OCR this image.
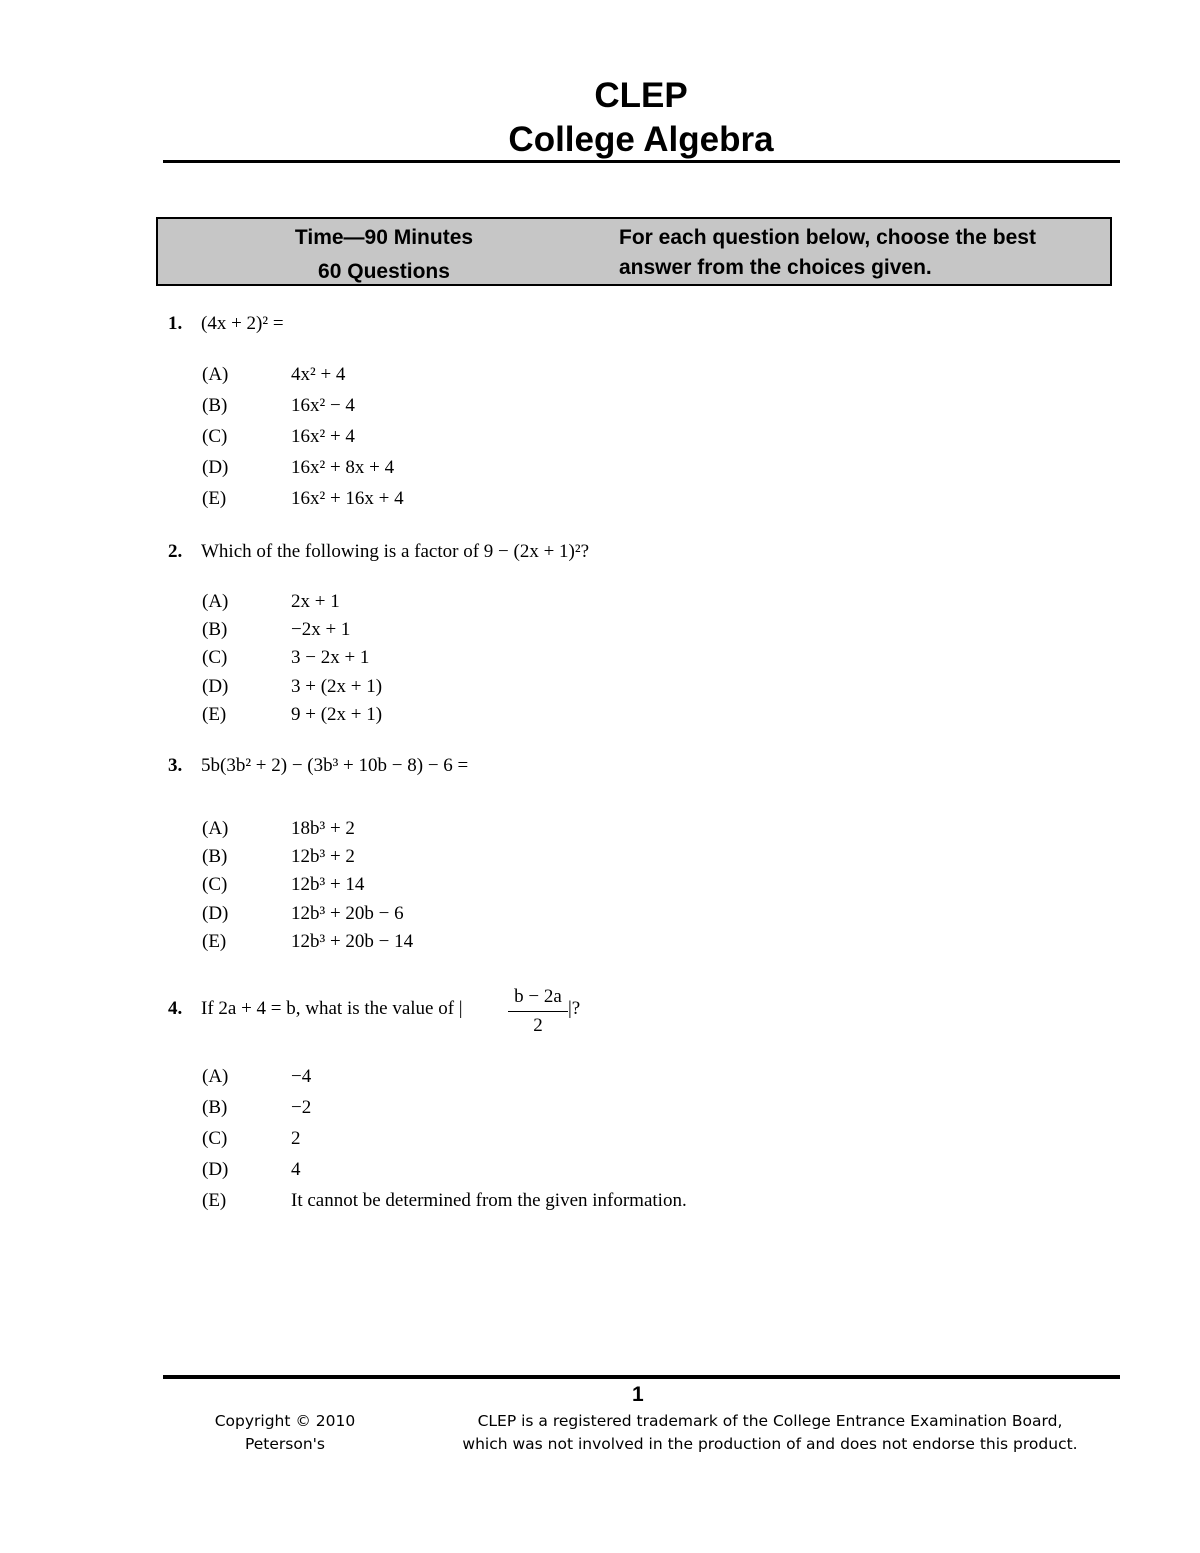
CLEP
College Algebra
Time—90 Minutes
60 Questions
For each question below, choose the best
answer from the choices given.
1. (4x + 2)² =
(A)	4x² + 4
(B)	16x² − 4
(C)	16x² + 4
(D)	16x² + 8x + 4
(E)	16x² + 16x + 4
2. Which of the following is a factor of 9 − (2x + 1)²?
(A)	2x + 1
(B)	−2x + 1
(C)	3 − 2x + 1
(D)	3 + (2x + 1)
(E)	9 + (2x + 1)
3. 5b(3b² + 2) − (3b³ + 10b − 8) − 6 =
(A)	18b³ + 2
(B)	12b³ + 2
(C)	12b³ + 14
(D)	12b³ + 20b − 6
(E)	12b³ + 20b − 14
4. If 2a + 4 = b, what is the value of |
b − 2a
2
|?
(A)	−4
(B)	−2
(C)	2
(D)	4
(E)	It cannot be determined from the given information.
1
Copyright © 2010
Peterson's
CLEP is a registered trademark of the College Entrance Examination Board,
which was not involved in the production of and does not endorse this product.
